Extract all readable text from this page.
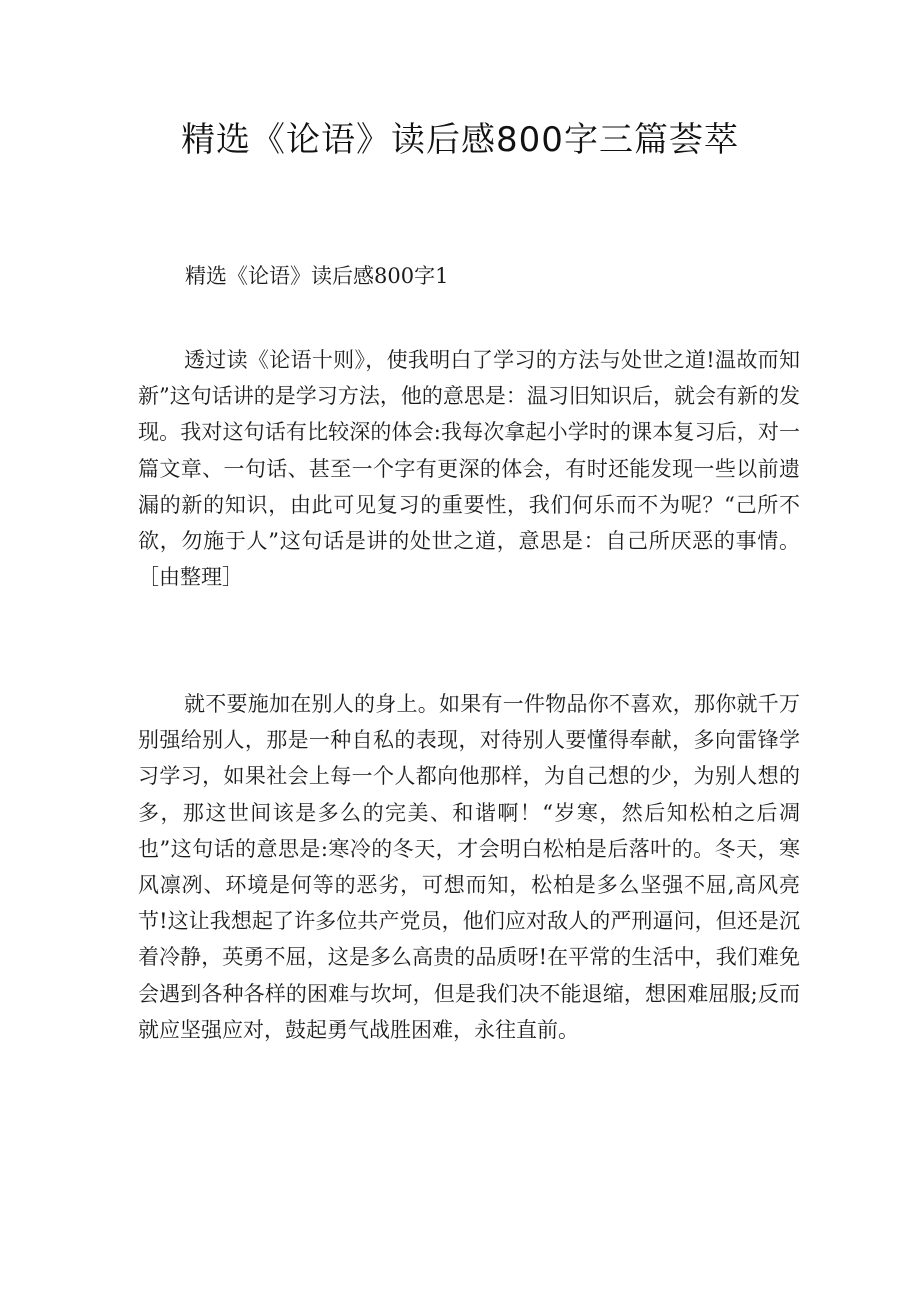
精选《论语》读后感800字三篇荟萃
精选《论语》读后感800字1

透过读《论语十则》，使我明白了学习的方法与处世之道!温故而知新”这句话讲的是学习方法，他的意思是：温习旧知识后，就会有新的发现。我对这句话有比较深的体会:我每次拿起小学时的课本复习后，对一篇文章、一句话、甚至一个字有更深的体会，有时还能发现一些以前遗漏的新的知识，由此可见复习的重要性，我们何乐而不为呢？“己所不欲，勿施于人”这句话是讲的处世之道，意思是：自己所厌恶的事情。［由整理］

就不要施加在别人的身上。如果有一件物品你不喜欢，那你就千万别强给别人，那是一种自私的表现，对待别人要懂得奉献，多向雷锋学习学习，如果社会上每一个人都向他那样，为自己想的少，为别人想的多，那这世间该是多么的完美、和谐啊！“岁寒，然后知松柏之后凋也”这句话的意思是:寒冷的冬天，才会明白松柏是后落叶的。冬天，寒风凛冽、环境是何等的恶劣，可想而知，松柏是多么坚强不屈,高风亮节!这让我想起了许多位共产党员，他们应对敌人的严刑逼问，但还是沉着冷静，英勇不屈，这是多么高贵的品质呀!在平常的生活中，我们难免会遇到各种各样的困难与坎坷，但是我们决不能退缩，想困难屈服;反而就应坚强应对，鼓起勇气战胜困难，永往直前。
